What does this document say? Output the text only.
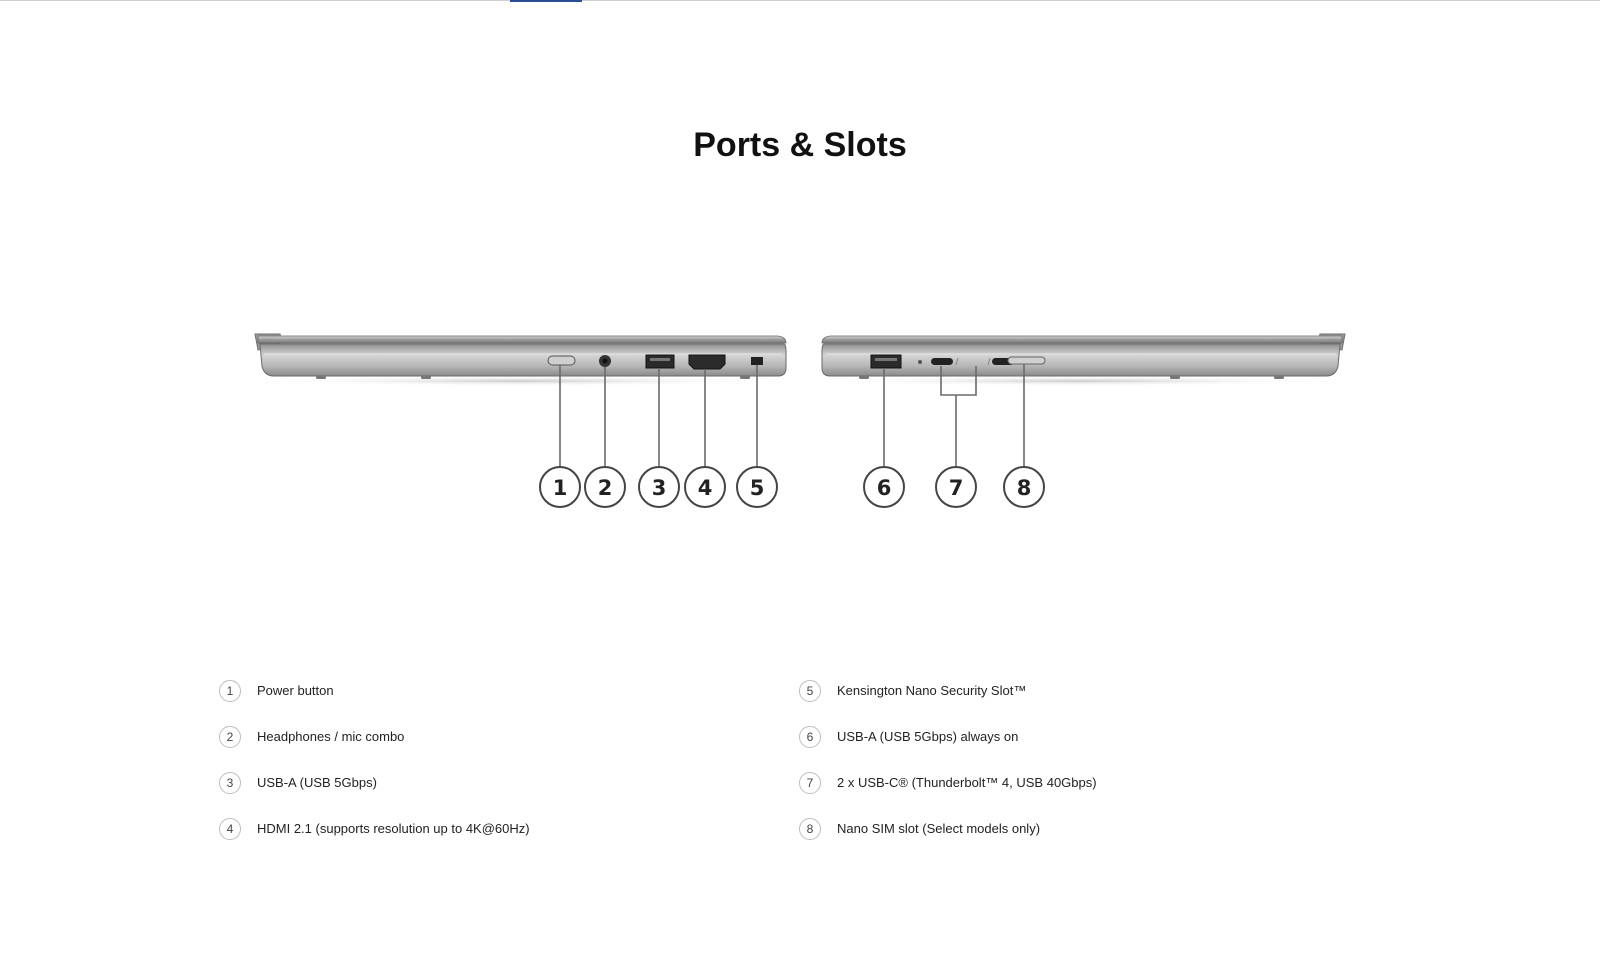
Ports & Slots
1 2 3 4 5	6	7	8
1	Power button
2	Headphones / mic combo
3	USB-A (USB 5Gbps)
4	HDMI 2.1 (supports resolution up to 4K@60Hz)
5	Kensington Nano Security Slot™
6	USB-A (USB 5Gbps) always on
7	2 x USB-C® (Thunderbolt™ 4, USB 40Gbps)
8	Nano SIM slot (Select models only)
